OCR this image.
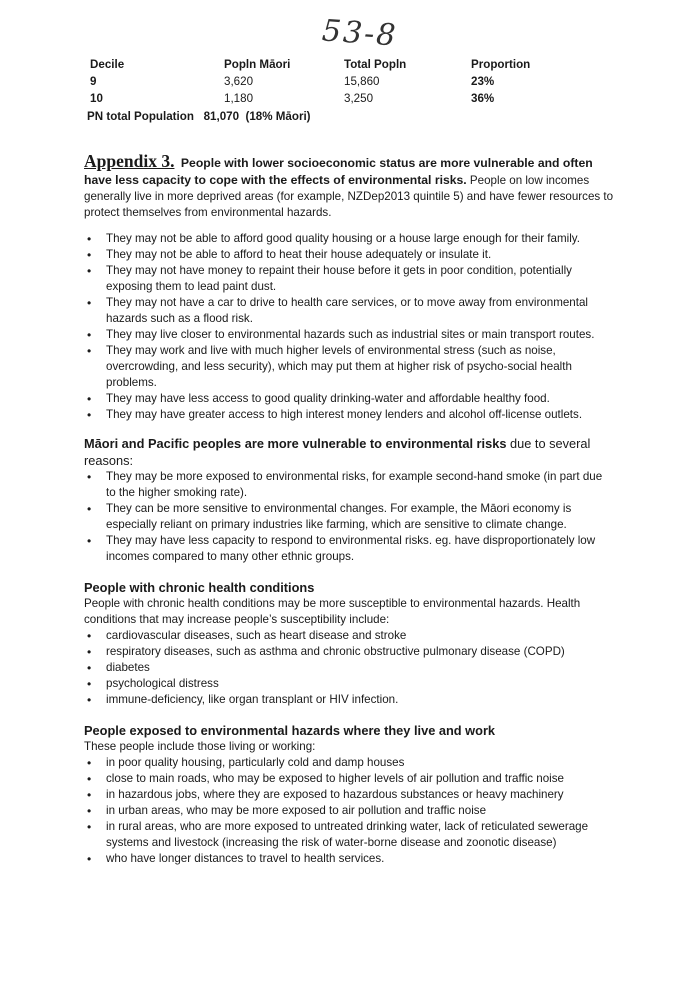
53-8
Decile	Popln Māori	Total Popln	Proportion
9	3,620	15,860	23%
10	1,180	3,250	36%
PN total Population   81,070  (18% Māori)

Appendix 3. People with lower socioeconomic status are more vulnerable and often have less capacity to cope with the effects of environmental risks. People on low incomes generally live in more deprived areas (for example, NZDep2013 quintile 5) and have fewer resources to protect themselves from environmental hazards.

• They may not be able to afford good quality housing or a house large enough for their family.
• They may not be able to afford to heat their house adequately or insulate it.
• They may not have money to repaint their house before it gets in poor condition, potentially exposing them to lead paint dust.
• They may not have a car to drive to health care services, or to move away from environmental hazards such as a flood risk.
• They may live closer to environmental hazards such as industrial sites or main transport routes.
• They may work and live with much higher levels of environmental stress (such as noise, overcrowding, and less security), which may put them at higher risk of psycho-social health problems.
• They may have less access to good quality drinking-water and affordable healthy food.
• They may have greater access to high interest money lenders and alcohol off-license outlets.
Māori and Pacific peoples are more vulnerable to environmental risks due to several reasons:
• They may be more exposed to environmental risks, for example second-hand smoke (in part due to the higher smoking rate).
• They can be more sensitive to environmental changes. For example, the Māori economy is especially reliant on primary industries like farming, which are sensitive to climate change.
• They may have less capacity to respond to environmental risks. eg. have disproportionately low incomes compared to many other ethnic groups.
People with chronic health conditions

People with chronic health conditions may be more susceptible to environmental hazards. Health conditions that may increase people’s susceptibility include:

• cardiovascular diseases, such as heart disease and stroke
• respiratory diseases, such as asthma and chronic obstructive pulmonary disease (COPD)
• diabetes
• psychological distress
• immune-deficiency, like organ transplant or HIV infection.
People exposed to environmental hazards where they live and work

These people include those living or working:

• in poor quality housing, particularly cold and damp houses
• close to main roads, who may be exposed to higher levels of air pollution and traffic noise
• in hazardous jobs, where they are exposed to hazardous substances or heavy machinery
• in urban areas, who may be more exposed to air pollution and traffic noise
• in rural areas, who are more exposed to untreated drinking water, lack of reticulated sewerage systems and livestock (increasing the risk of water-borne disease and zoonotic disease)
• who have longer distances to travel to health services.
